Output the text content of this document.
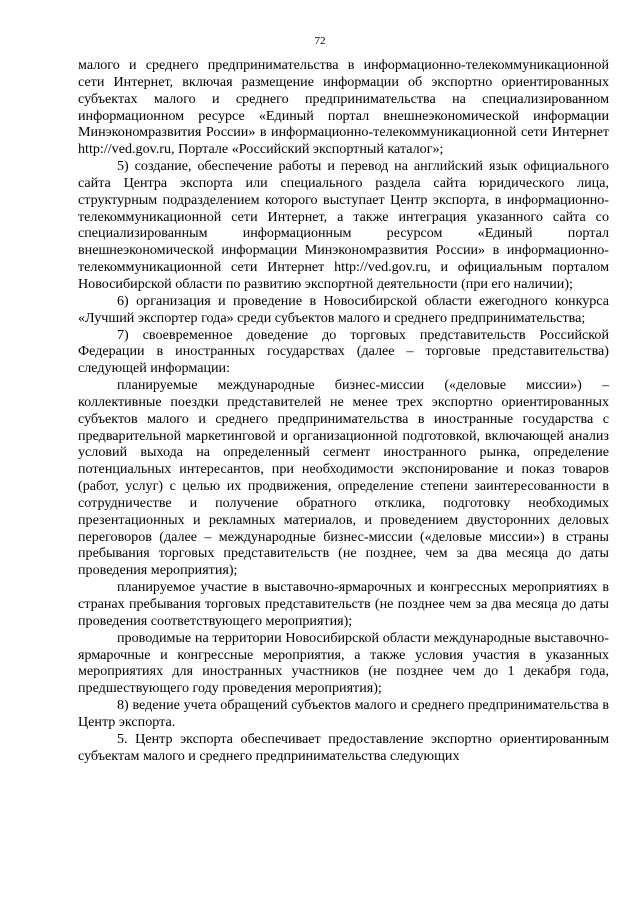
72

малого и среднего предпринимательства в информационно-телекоммуникационной сети Интернет, включая размещение информации об экспортно ориентированных субъектах малого и среднего предпринимательства на специализированном информационном ресурсе «Единый портал внешнеэкономической информации Минэкономразвития России» в информационно-телекоммуникационной сети Интернет http://ved.gov.ru, Портале «Российский экспортный каталог»;

5) создание, обеспечение работы и перевод на английский язык официального сайта Центра экспорта или специального раздела сайта юридического лица, структурным подразделением которого выступает Центр экспорта, в информационно-телекоммуникационной сети Интернет, а также интеграция указанного сайта со специализированным информационным ресурсом «Единый портал внешнеэкономической информации Минэкономразвития России» в информационно-телекоммуникационной сети Интернет http://ved.gov.ru, и официальным порталом Новосибирской области по развитию экспортной деятельности (при его наличии);

6) организация и проведение в Новосибирской области ежегодного конкурса «Лучший экспортер года» среди субъектов малого и среднего предпринимательства;

7) своевременное доведение до торговых представительств Российской Федерации в иностранных государствах (далее – торговые представительства) следующей информации:

планируемые международные бизнес-миссии («деловые миссии») – коллективные поездки представителей не менее трех экспортно ориентированных субъектов малого и среднего предпринимательства в иностранные государства с предварительной маркетинговой и организационной подготовкой, включающей анализ условий выхода на определенный сегмент иностранного рынка, определение потенциальных интересантов, при необходимости экспонирование и показ товаров (работ, услуг) с целью их продвижения, определение степени заинтересованности в сотрудничестве и получение обратного отклика, подготовку необходимых презентационных и рекламных материалов, и проведением двусторонних деловых переговоров (далее – международные бизнес-миссии («деловые миссии») в страны пребывания торговых представительств (не позднее, чем за два месяца до даты проведения мероприятия);

планируемое участие в выставочно-ярмарочных и конгрессных мероприятиях в странах пребывания торговых представительств (не позднее чем за два месяца до даты проведения соответствующего мероприятия);

проводимые на территории Новосибирской области международные выставочно-ярмарочные и конгрессные мероприятия, а также условия участия в указанных мероприятиях для иностранных участников (не позднее чем до 1 декабря года, предшествующего году проведения мероприятия);

8) ведение учета обращений субъектов малого и среднего предпринимательства в Центр экспорта.

5. Центр экспорта обеспечивает предоставление экспортно ориентированным субъектам малого и среднего предпринимательства следующих
